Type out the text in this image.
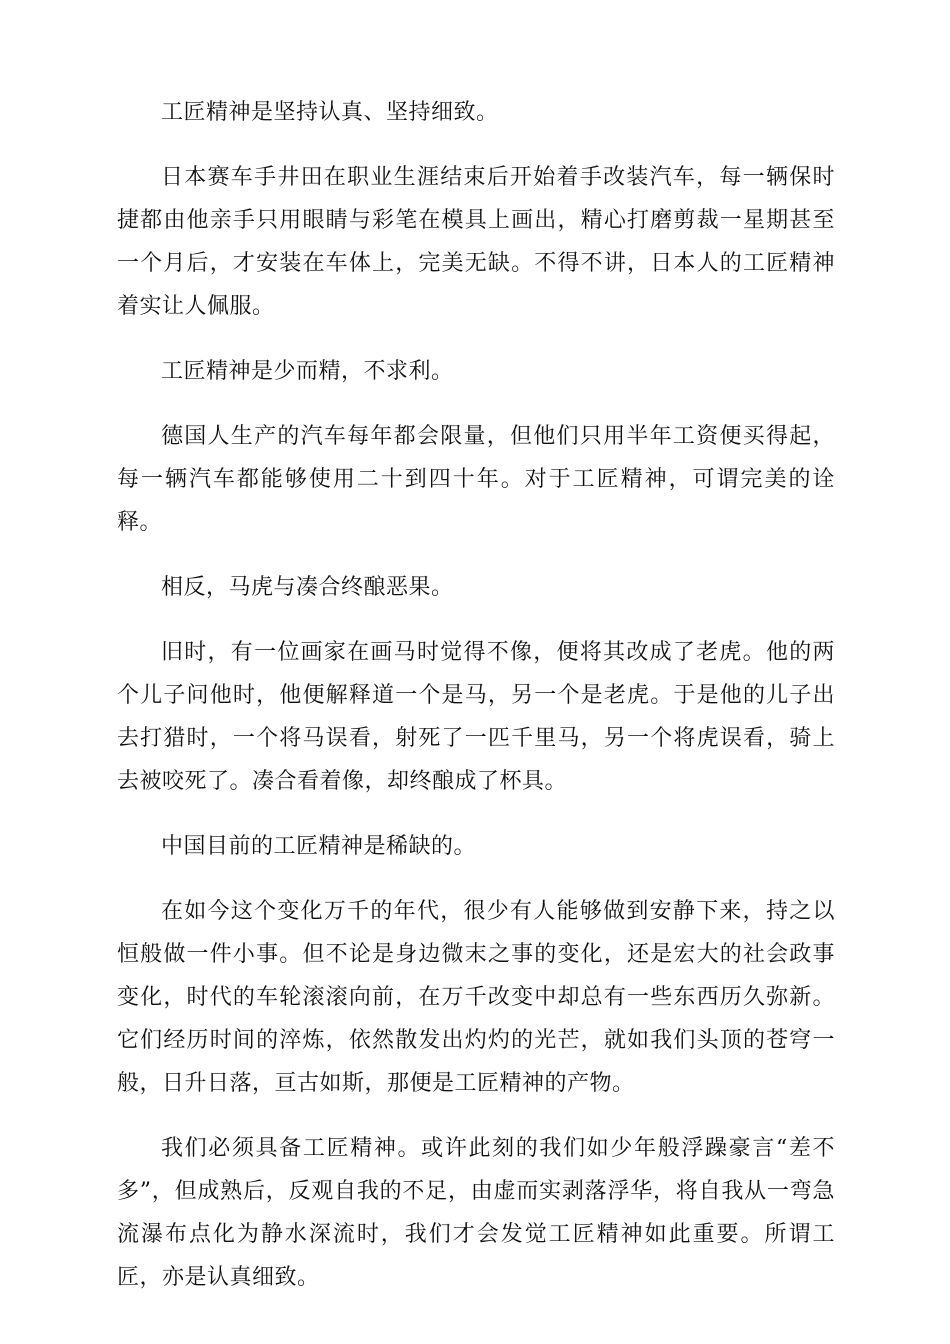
工匠精神是坚持认真、坚持细致。

日本赛车手井田在职业生涯结束后开始着手改装汽车，每一辆保时捷都由他亲手只用眼睛与彩笔在模具上画出，精心打磨剪裁一星期甚至一个月后，才安装在车体上，完美无缺。不得不讲，日本人的工匠精神着实让人佩服。

工匠精神是少而精，不求利。

德国人生产的汽车每年都会限量，但他们只用半年工资便买得起，每一辆汽车都能够使用二十到四十年。对于工匠精神，可谓完美的诠释。

相反，马虎与凑合终酿恶果。

旧时，有一位画家在画马时觉得不像，便将其改成了老虎。他的两个儿子问他时，他便解释道一个是马，另一个是老虎。于是他的儿子出去打猎时，一个将马误看，射死了一匹千里马，另一个将虎误看，骑上去被咬死了。凑合看着像，却终酿成了杯具。

中国目前的工匠精神是稀缺的。

在如今这个变化万千的年代，很少有人能够做到安静下来，持之以恒般做一件小事。但不论是身边微末之事的变化，还是宏大的社会政事变化，时代的车轮滚滚向前，在万千改变中却总有一些东西历久弥新。它们经历时间的淬炼，依然散发出灼灼的光芒，就如我们头顶的苍穹一般，日升日落，亘古如斯，那便是工匠精神的产物。

我们必须具备工匠精神。或许此刻的我们如少年般浮躁豪言“差不多”，但成熟后，反观自我的不足，由虚而实剥落浮华，将自我从一弯急流瀑布点化为静水深流时，我们才会发觉工匠精神如此重要。所谓工匠，亦是认真细致。
